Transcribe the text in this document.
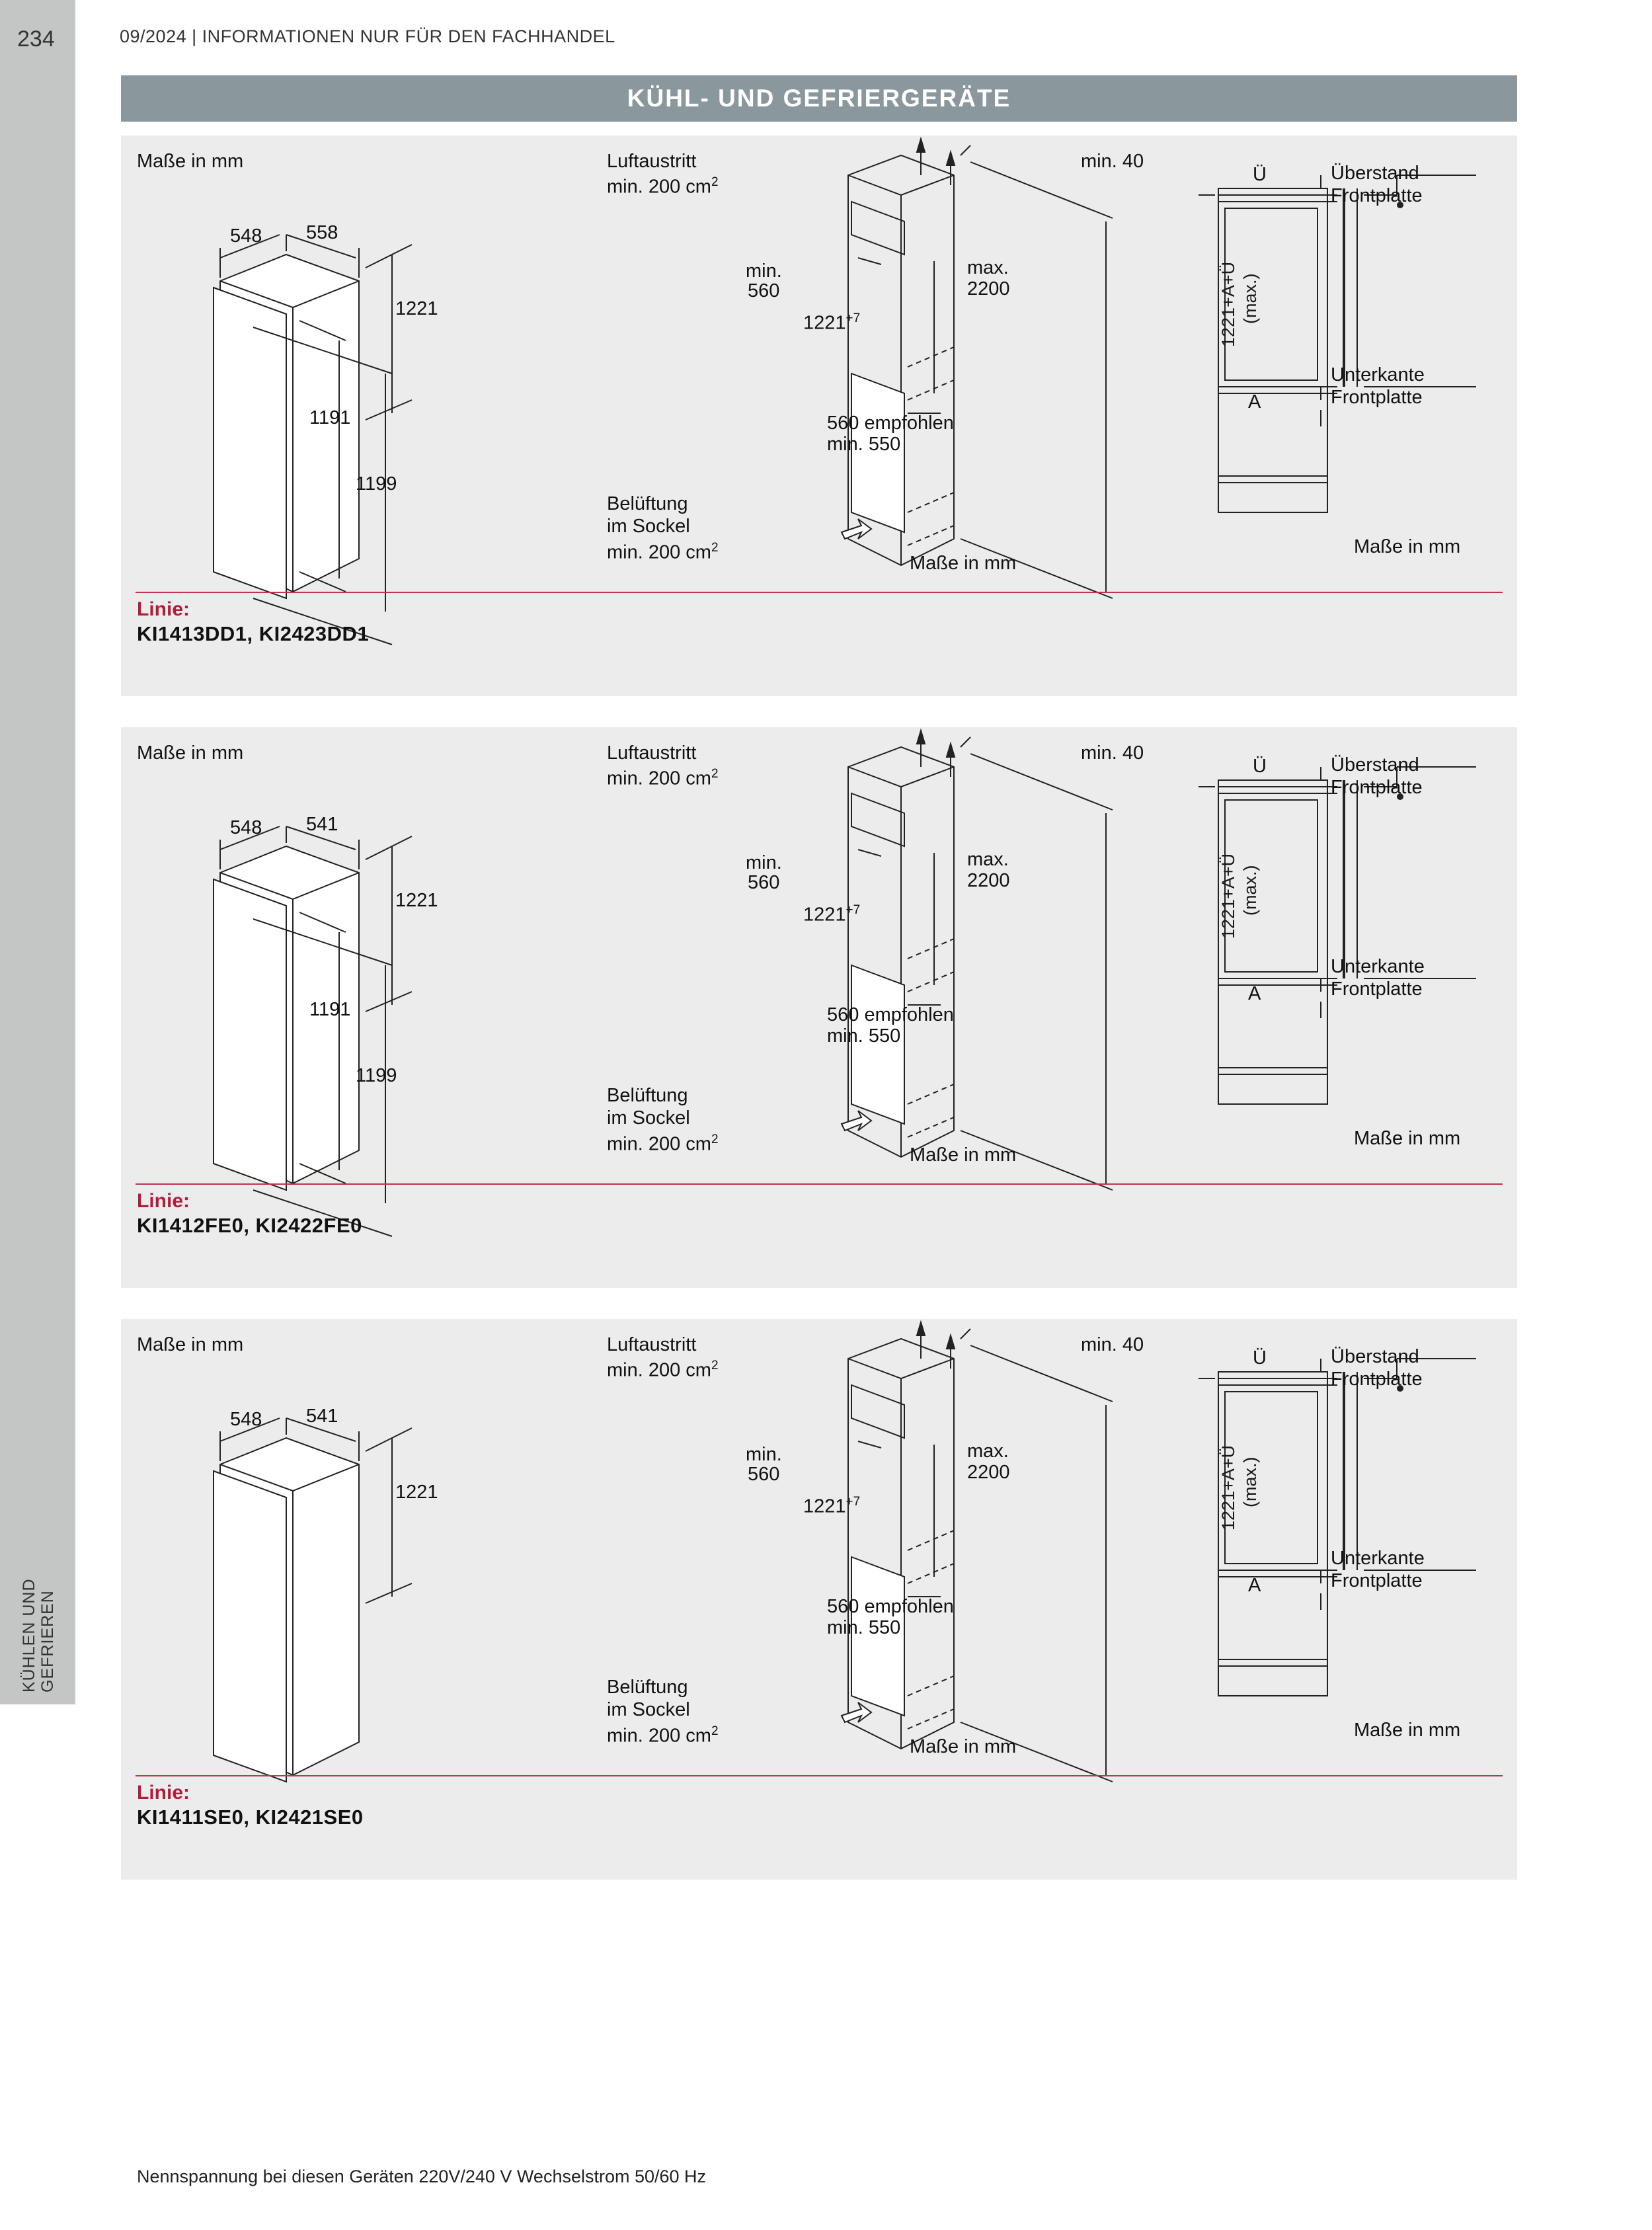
234
KÜHLEN UND GEFRIEREN
09/2024 | INFORMATIONEN NUR FÜR DEN FACHHANDEL
KÜHL- UND GEFRIERGERÄTE
Maße in mm
548 558
1221
1191
1199
Luftaustritt
min. 200 $cm^2$
min.
560
$1221^{+7}$
max.
2200
560 empfohlen
min. 550
Belüftung
im Sockel
min. 200 $cm^2$
Maße in mm
min. 40
Ü	Überstand
Frontplatte
1221+A+Ü (max.)
Unterkante
Frontplatte
A
Maße in mm
Linie:
KI1413DD1, KI2423DD1
Maße in mm
548 541
1221
1191
1199
Luftaustritt
min. 200 $cm^2$
min.
560
$1221^{+7}$
max.
2200
560 empfohlen
min. 550
Belüftung
im Sockel
min. 200 $cm^2$
Maße in mm
min. 40
Ü	Überstand
Frontplatte
1221+A+Ü (max.)
Unterkante
Frontplatte
A
Maße in mm
Linie:
KI1412FE0, KI2422FE0
Maße in mm
548 541
1221
Luftaustritt
min. 200 $cm^2$
min.
560
$1221^{+7}$
max.
2200
560 empfohlen
min. 550
Belüftung
im Sockel
min. 200 $cm^2$
Maße in mm
min. 40
Ü	Überstand
Frontplatte
1221+A+Ü (max.)
Unterkante
Frontplatte
A
Maße in mm
Linie:
KI1411SE0, KI2421SE0
Nennspannung bei diesen Geräten 220V/240 V Wechselstrom 50/60 Hz
